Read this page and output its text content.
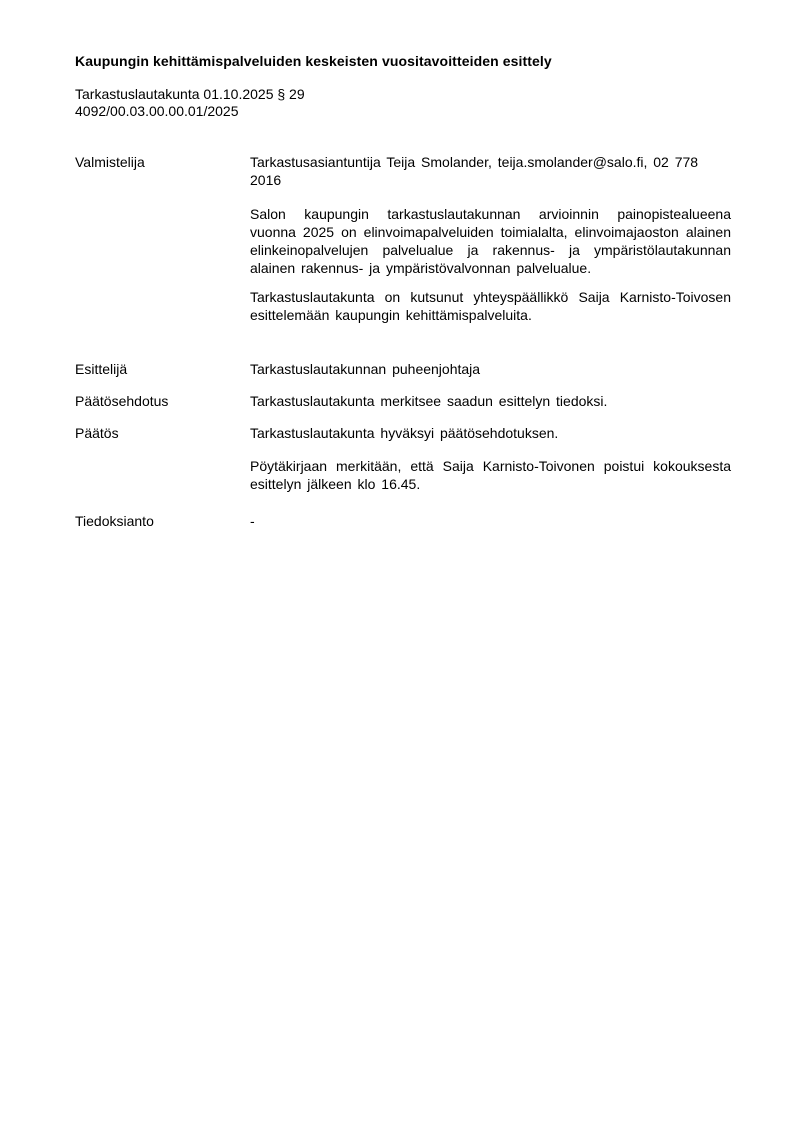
Kaupungin kehittämispalveluiden keskeisten vuositavoitteiden esittely
Tarkastuslautakunta 01.10.2025 § 29
4092/00.03.00.00.01/2025
Valmistelija	Tarkastusasiantuntija Teija Smolander, teija.smolander@salo.fi, 02 778
2016
Salon kaupungin tarkastuslautakunnan arvioinnin painopistealueena
vuonna 2025 on elinvoimapalveluiden toimialalta, elinvoimajaoston alainen
elinkeinopalvelujen palvelualue ja rakennus- ja ympäristölautakunnan
alainen rakennus- ja ympäristövalvonnan palvelualue.
Tarkastuslautakunta on kutsunut yhteyspäällikkö Saija Karnisto-Toivosen
esittelemään kaupungin kehittämispalveluita.
Esittelijä	Tarkastuslautakunnan puheenjohtaja
Päätösehdotus	Tarkastuslautakunta merkitsee saadun esittelyn tiedoksi.
Päätös	Tarkastuslautakunta hyväksyi päätösehdotuksen.
Pöytäkirjaan merkitään, että Saija Karnisto-Toivonen poistui kokouksesta
esittelyn jälkeen klo 16.45.
Tiedoksianto	-
